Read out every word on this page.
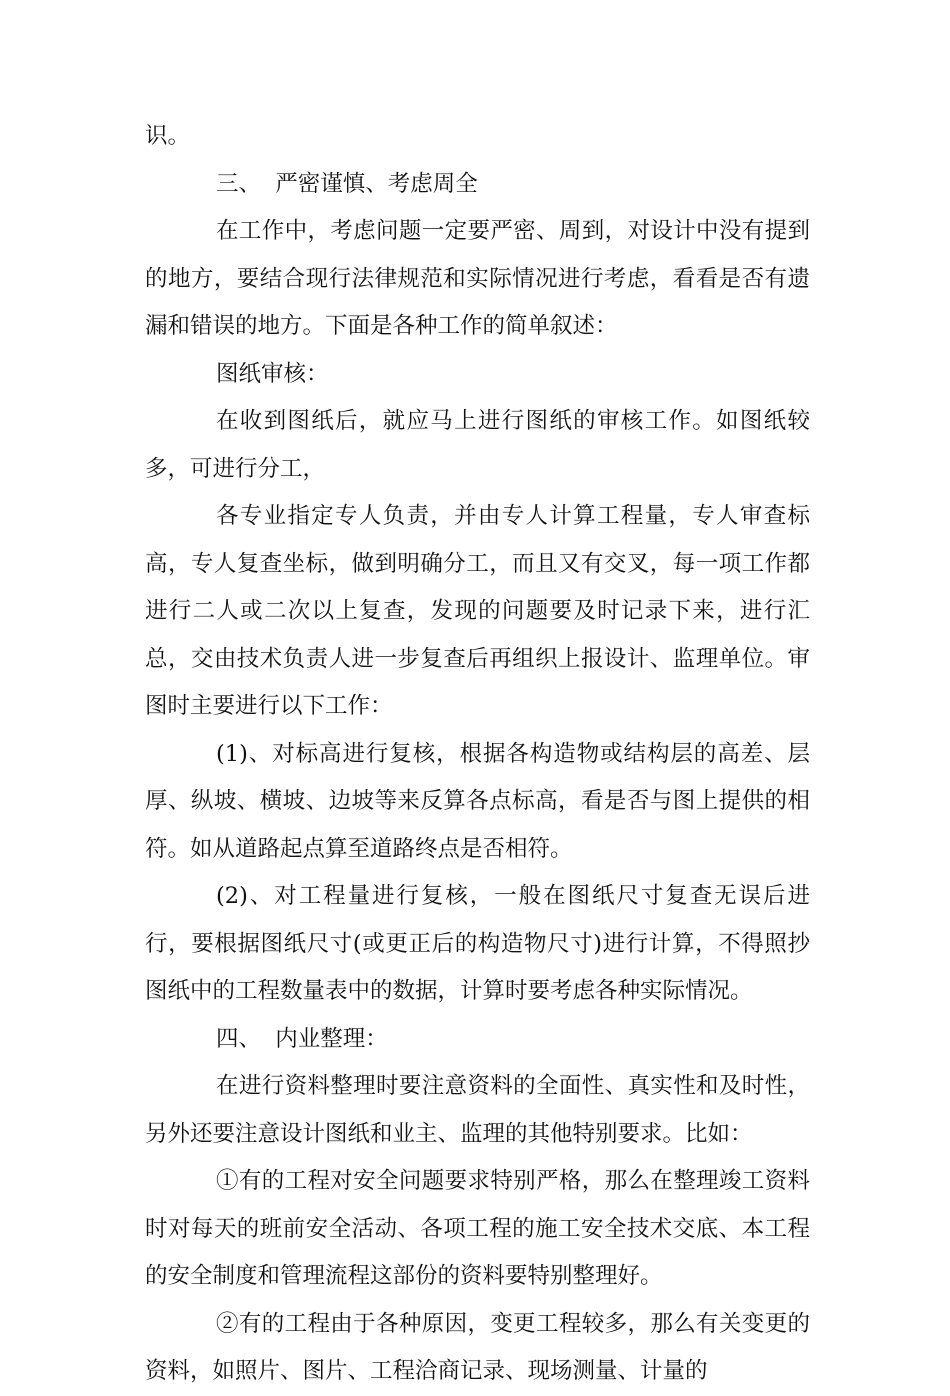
识。

三、  严密谨慎、考虑周全

在工作中，考虑问题一定要严密、周到，对设计中没有提到的地方，要结合现行法律规范和实际情况进行考虑，看看是否有遗漏和错误的地方。下面是各种工作的简单叙述：

图纸审核：

在收到图纸后，就应马上进行图纸的审核工作。如图纸较多，可进行分工，

各专业指定专人负责，并由专人计算工程量，专人审查标高，专人复查坐标，做到明确分工，而且又有交叉，每一项工作都进行二人或二次以上复查，发现的问题要及时记录下来，进行汇总，交由技术负责人进一步复查后再组织上报设计、监理单位。审图时主要进行以下工作：

(1)、对标高进行复核，根据各构造物或结构层的高差、层厚、纵坡、横坡、边坡等来反算各点标高，看是否与图上提供的相符。如从道路起点算至道路终点是否相符。

(2)、对工程量进行复核，一般在图纸尺寸复查无误后进行，要根据图纸尺寸(或更正后的构造物尺寸)进行计算，不得照抄图纸中的工程数量表中的数据，计算时要考虑各种实际情况。

四、  内业整理：

在进行资料整理时要注意资料的全面性、真实性和及时性，另外还要注意设计图纸和业主、监理的其他特别要求。比如：

①有的工程对安全问题要求特别严格，那么在整理竣工资料时对每天的班前安全活动、各项工程的施工安全技术交底、本工程的安全制度和管理流程这部份的资料要特别整理好。

②有的工程由于各种原因，变更工程较多，那么有关变更的资料，如照片、图片、工程洽商记录、现场测量、计量的
